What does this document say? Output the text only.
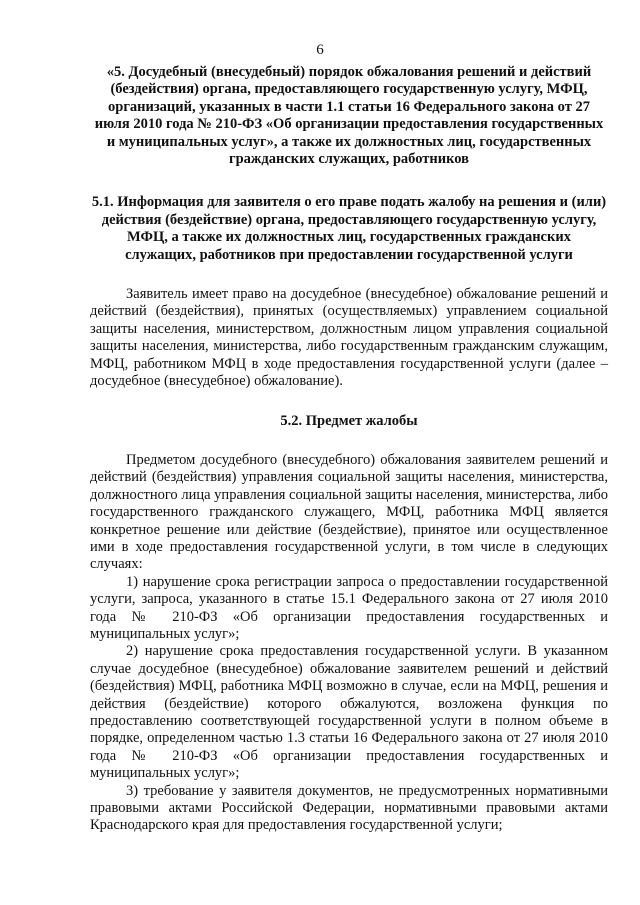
6

«5. Досудебный (внесудебный) порядок обжалования решений и действий (бездействия) органа, предоставляющего государственную услугу, МФЦ, организаций, указанных в части 1.1 статьи 16 Федерального закона от 27 июля 2010 года № 210-ФЗ «Об организации предоставления государственных и муниципальных услуг», а также их должностных лиц, государственных гражданских служащих, работников

5.1. Информация для заявителя о его праве подать жалобу на решения и (или) действия (бездействие) органа, предоставляющего государственную услугу, МФЦ, а также их должностных лиц, государственных гражданских служащих, работников при предоставлении государственной услуги

Заявитель имеет право на досудебное (внесудебное) обжалование решений и действий (бездействия), принятых (осуществляемых) управлением социальной защиты населения, министерством, должностным лицом управления социальной защиты населения, министерства, либо государственным гражданским служащим, МФЦ, работником МФЦ в ходе предоставления государственной услуги (далее – досудебное (внесудебное) обжалование).

5.2. Предмет жалобы

Предметом досудебного (внесудебного) обжалования заявителем решений и действий (бездействия) управления социальной защиты населения, министерства, должностного лица управления социальной защиты населения, министерства, либо государственного гражданского служащего, МФЦ, работника МФЦ является конкретное решение или действие (бездействие), принятое или осуществленное ими в ходе предоставления государственной услуги, в том числе в следующих случаях:

1) нарушение срока регистрации запроса о предоставлении государственной услуги, запроса, указанного в статье 15.1 Федерального закона от 27 июля 2010 года № 210-ФЗ «Об организации предоставления государственных и муниципальных услуг»;

2) нарушение срока предоставления государственной услуги. В указанном случае досудебное (внесудебное) обжалование заявителем решений и действий (бездействия) МФЦ, работника МФЦ возможно в случае, если на МФЦ, решения и действия (бездействие) которого обжалуются, возложена функция по предоставлению соответствующей государственной услуги в полном объеме в порядке, определенном частью 1.3 статьи 16 Федерального закона от 27 июля 2010 года № 210-ФЗ «Об организации предоставления государственных и муниципальных услуг»;

3) требование у заявителя документов, не предусмотренных нормативными правовыми актами Российской Федерации, нормативными правовыми актами Краснодарского края для предоставления государственной услуги;
